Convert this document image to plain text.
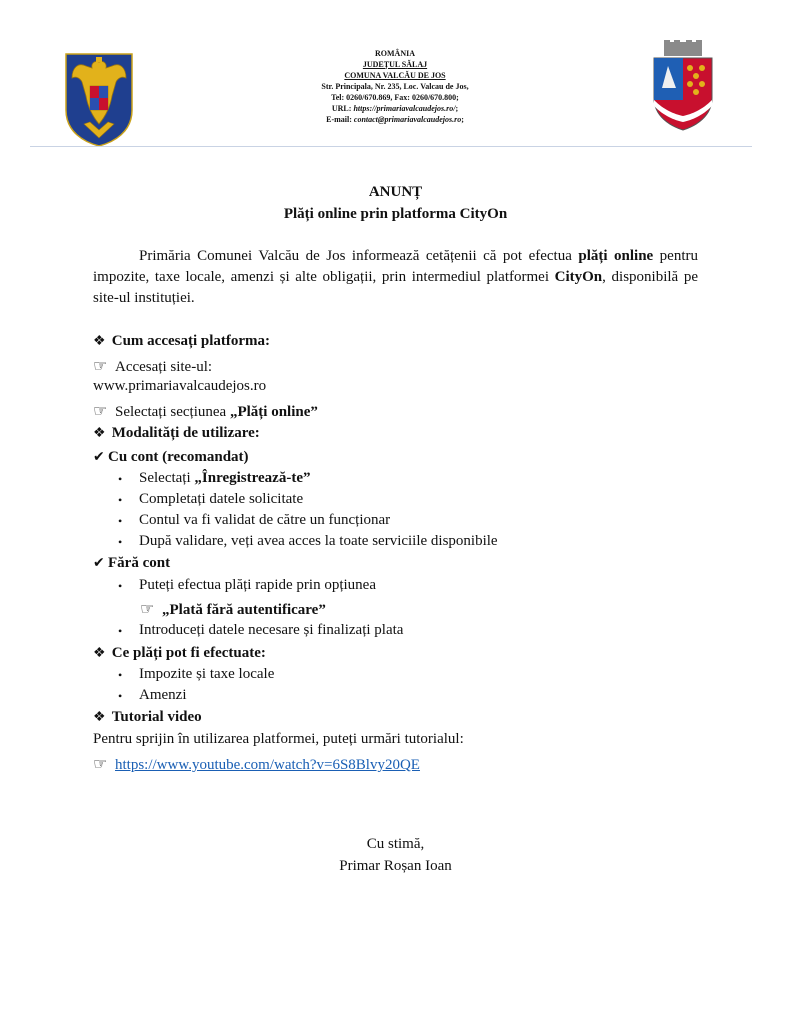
ROMÂNIA
JUDEȚUL SĂLAJ
COMUNA VALCĂU DE JOS
Str. Principala, Nr. 235, Loc. Valcau de Jos,
Tel: 0260/670.869, Fax: 0260/670.800;
URL: https://primariavalcaudejos.ro/;
E-mail: contact@primariavalcaudejos.ro;
ANUNȚ
Plăți online prin platforma CityOn
Primăria Comunei Valcău de Jos informează cetățenii că pot efectua plăți online pentru
impozite, taxe locale, amenzi și alte obligații, prin intermediul platformei CityOn, disponibilă pe
site-ul instituției.
❖ Cum accesați platforma:
☞ Accesați site-ul:
www.primariavalcaudejos.ro
☞ Selectați secțiunea „Plăți online”
❖ Modalități de utilizare:
✔ Cu cont (recomandat)
• Selectați „Înregistrează-te”
• Completați datele solicitate
• Contul va fi validat de către un funcționar
• După validare, veți avea acces la toate serviciile disponibile
✔ Fără cont
• Puteți efectua plăți rapide prin opțiunea
☞ „Plată fără autentificare”
• Introduceți datele necesare și finalizați plata
❖ Ce plăți pot fi efectuate:
• Impozite și taxe locale
• Amenzi
❖ Tutorial video
Pentru sprijin în utilizarea platformei, puteți urmări tutorialul:
☞ https://www.youtube.com/watch?v=6S8Blvy20QE
Cu stimă,
Primar Roșan Ioan
